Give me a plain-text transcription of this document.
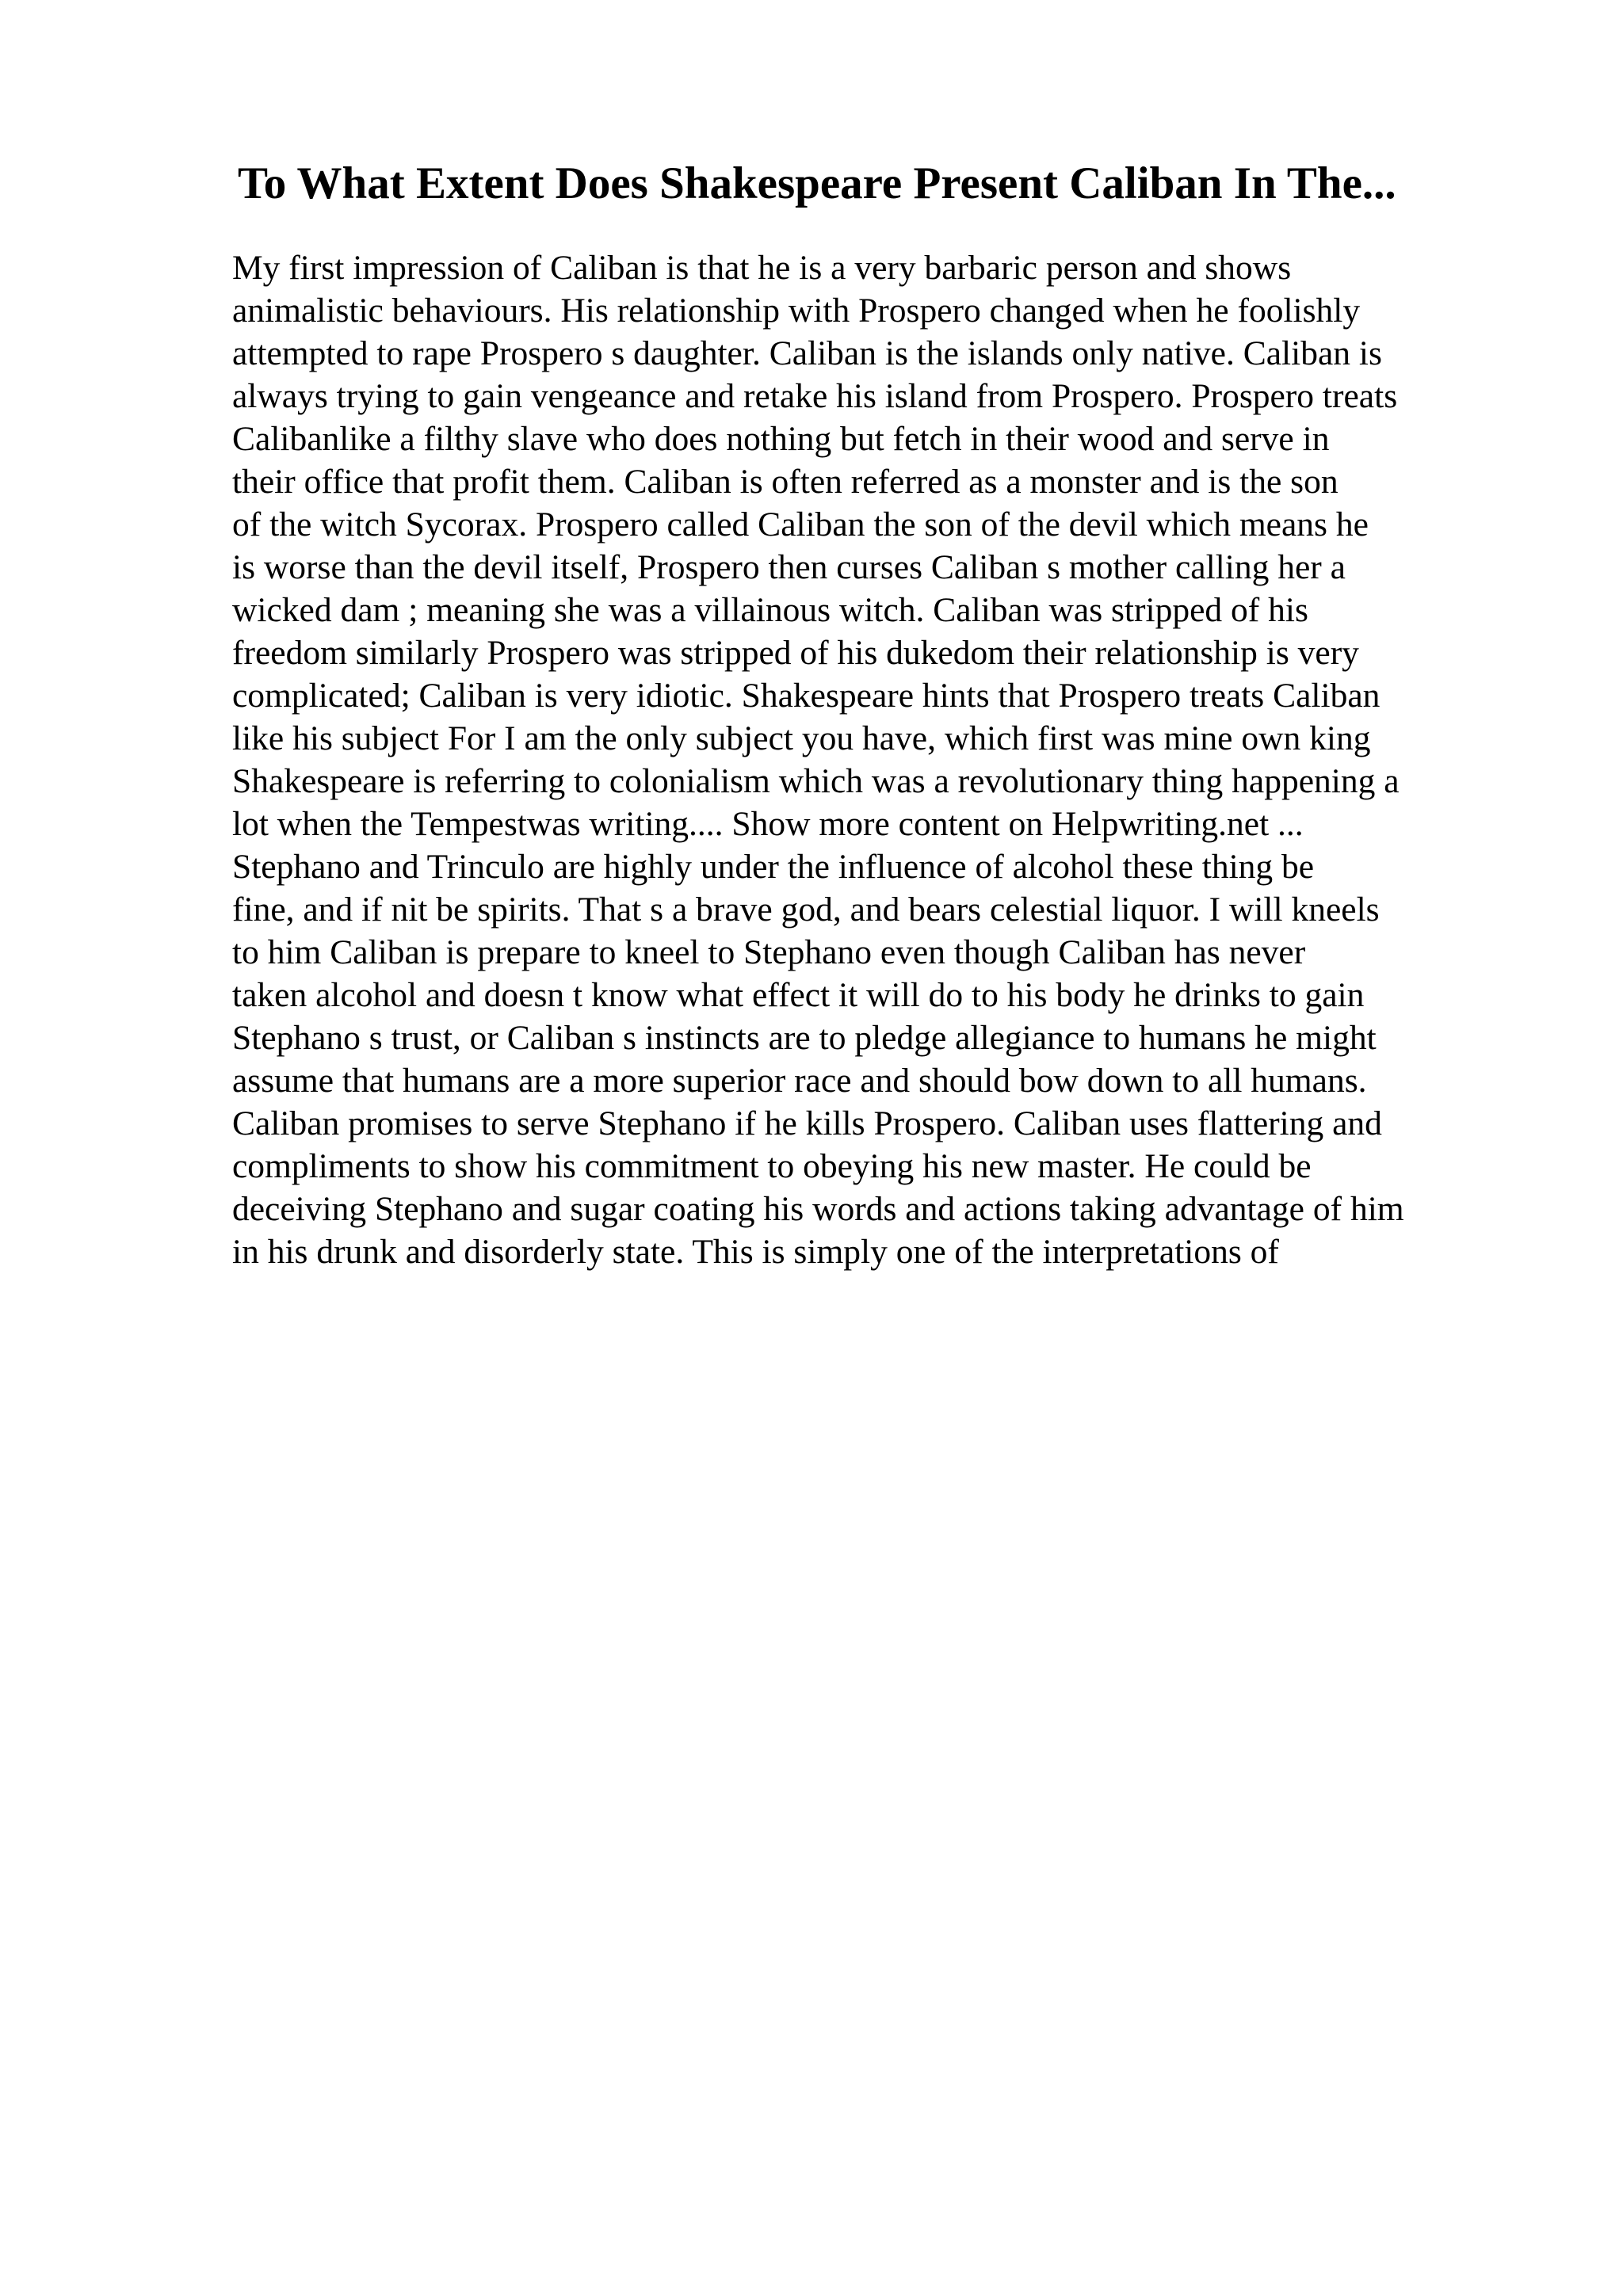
To What Extent Does Shakespeare Present Caliban In The...
My first impression of Caliban is that he is a very barbaric person and shows
animalistic behaviours. His relationship with Prospero changed when he foolishly
attempted to rape Prospero s daughter. Caliban is the islands only native. Caliban is
always trying to gain vengeance and retake his island from Prospero. Prospero treats
Calibanlike a filthy slave who does nothing but fetch in their wood and serve in
their office that profit them. Caliban is often referred as a monster and is the son
of the witch Sycorax. Prospero called Caliban the son of the devil which means he
is worse than the devil itself, Prospero then curses Caliban s mother calling her a
wicked dam ; meaning she was a villainous witch. Caliban was stripped of his
freedom similarly Prospero was stripped of his dukedom their relationship is very
complicated; Caliban is very idiotic. Shakespeare hints that Prospero treats Caliban
like his subject For I am the only subject you have, which first was mine own king
Shakespeare is referring to colonialism which was a revolutionary thing happening a
lot when the Tempestwas writing.... Show more content on Helpwriting.net ...
Stephano and Trinculo are highly under the influence of alcohol these thing be
fine, and if nit be spirits. That s a brave god, and bears celestial liquor. I will kneels
to him Caliban is prepare to kneel to Stephano even though Caliban has never
taken alcohol and doesn t know what effect it will do to his body he drinks to gain
Stephano s trust, or Caliban s instincts are to pledge allegiance to humans he might
assume that humans are a more superior race and should bow down to all humans.
Caliban promises to serve Stephano if he kills Prospero. Caliban uses flattering and
compliments to show his commitment to obeying his new master. He could be
deceiving Stephano and sugar coating his words and actions taking advantage of him
in his drunk and disorderly state. This is simply one of the interpretations of
